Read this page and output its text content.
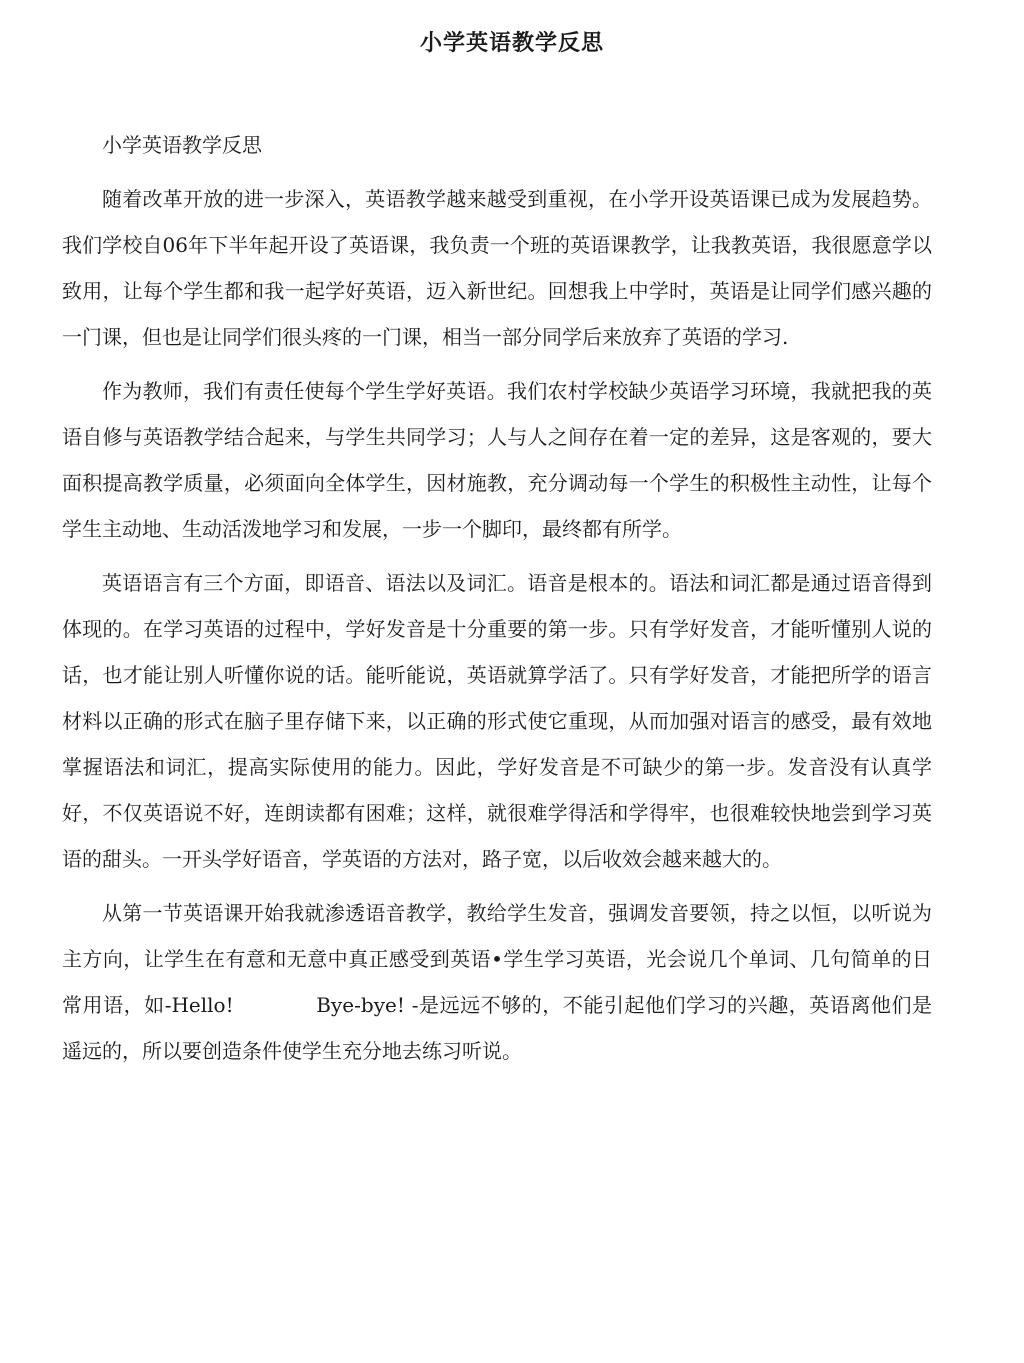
小学英语教学反思

小学英语教学反思

随着改革开放的进一步深入，英语教学越来越受到重视，在小学开设英语课已成为发展趋势。我们学校自06年下半年起开设了英语课，我负责一个班的英语课教学，让我教英语，我很愿意学以致用，让每个学生都和我一起学好英语，迈入新世纪。回想我上中学时，英语是让同学们感兴趣的一门课，但也是让同学们很头疼的一门课，相当一部分同学后来放弃了英语的学习.

作为教师，我们有责任使每个学生学好英语。我们农村学校缺少英语学习环境，我就把我的英语自修与英语教学结合起来，与学生共同学习；人与人之间存在着一定的差异，这是客观的，要大面积提高教学质量，必须面向全体学生，因材施教，充分调动每一个学生的积极性主动性，让每个学生主动地、生动活泼地学习和发展，一步一个脚印，最终都有所学。

英语语言有三个方面，即语音、语法以及词汇。语音是根本的。语法和词汇都是通过语音得到体现的。在学习英语的过程中，学好发音是十分重要的第一步。只有学好发音，才能听懂别人说的话，也才能让别人听懂你说的话。能听能说，英语就算学活了。只有学好发音，才能把所学的语言材料以正确的形式在脑子里存储下来，以正确的形式使它重现，从而加强对语言的感受，最有效地掌握语法和词汇，提高实际使用的能力。因此，学好发音是不可缺少的第一步。发音没有认真学好，不仅英语说不好，连朗读都有困难；这样，就很难学得活和学得牢，也很难较快地尝到学习英语的甜头。一开头学好语音，学英语的方法对，路子宽，以后收效会越来越大的。

从第一节英语课开始我就渗透语音教学，教给学生发音，强调发音要领，持之以恒，以听说为主方向，让学生在有意和无意中真正感受到英语•学生学习英语，光会说几个单词、几句简单的日常用语，如-Hello!　　　　Bye-bye! -是远远不够的，不能引起他们学习的兴趣，英语离他们是遥远的，所以要创造条件使学生充分地去练习听说。
